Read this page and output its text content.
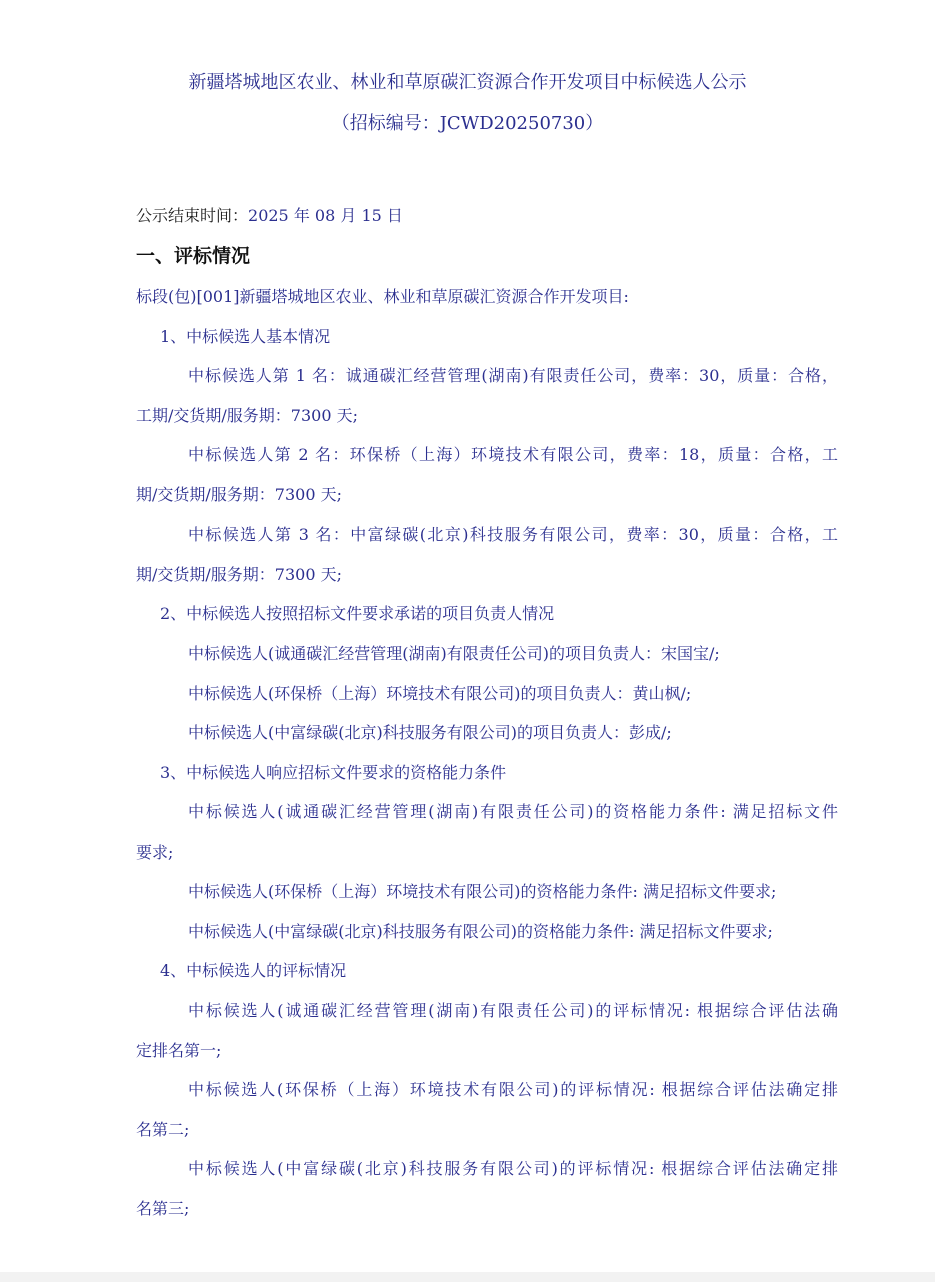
新疆塔城地区农业、林业和草原碳汇资源合作开发项目中标候选人公示
（招标编号：JCWD20250730）
公示结束时间：2025 年 08 月 15 日
一、评标情况
标段(包)[001]新疆塔城地区农业、林业和草原碳汇资源合作开发项目:
1、中标候选人基本情况
中标候选人第 1 名：诚通碳汇经营管理(湖南)有限责任公司，费率：30，质量：合格，
工期/交货期/服务期：7300 天;
中标候选人第 2 名：环保桥（上海）环境技术有限公司，费率：18，质量：合格，工
期/交货期/服务期：7300 天;
中标候选人第 3 名：中富绿碳(北京)科技服务有限公司，费率：30，质量：合格，工
期/交货期/服务期：7300 天;
2、中标候选人按照招标文件要求承诺的项目负责人情况
中标候选人(诚通碳汇经营管理(湖南)有限责任公司)的项目负责人：宋国宝/;
中标候选人(环保桥（上海）环境技术有限公司)的项目负责人：黄山枫/;
中标候选人(中富绿碳(北京)科技服务有限公司)的项目负责人：彭成/;
3、中标候选人响应招标文件要求的资格能力条件
中标候选人(诚通碳汇经营管理(湖南)有限责任公司)的资格能力条件: 满足招标文件
要求;
中标候选人(环保桥（上海）环境技术有限公司)的资格能力条件: 满足招标文件要求;
中标候选人(中富绿碳(北京)科技服务有限公司)的资格能力条件: 满足招标文件要求;
4、中标候选人的评标情况
中标候选人(诚通碳汇经营管理(湖南)有限责任公司)的评标情况: 根据综合评估法确
定排名第一;
中标候选人(环保桥（上海）环境技术有限公司)的评标情况: 根据综合评估法确定排
名第二;
中标候选人(中富绿碳(北京)科技服务有限公司)的评标情况: 根据综合评估法确定排
名第三;
